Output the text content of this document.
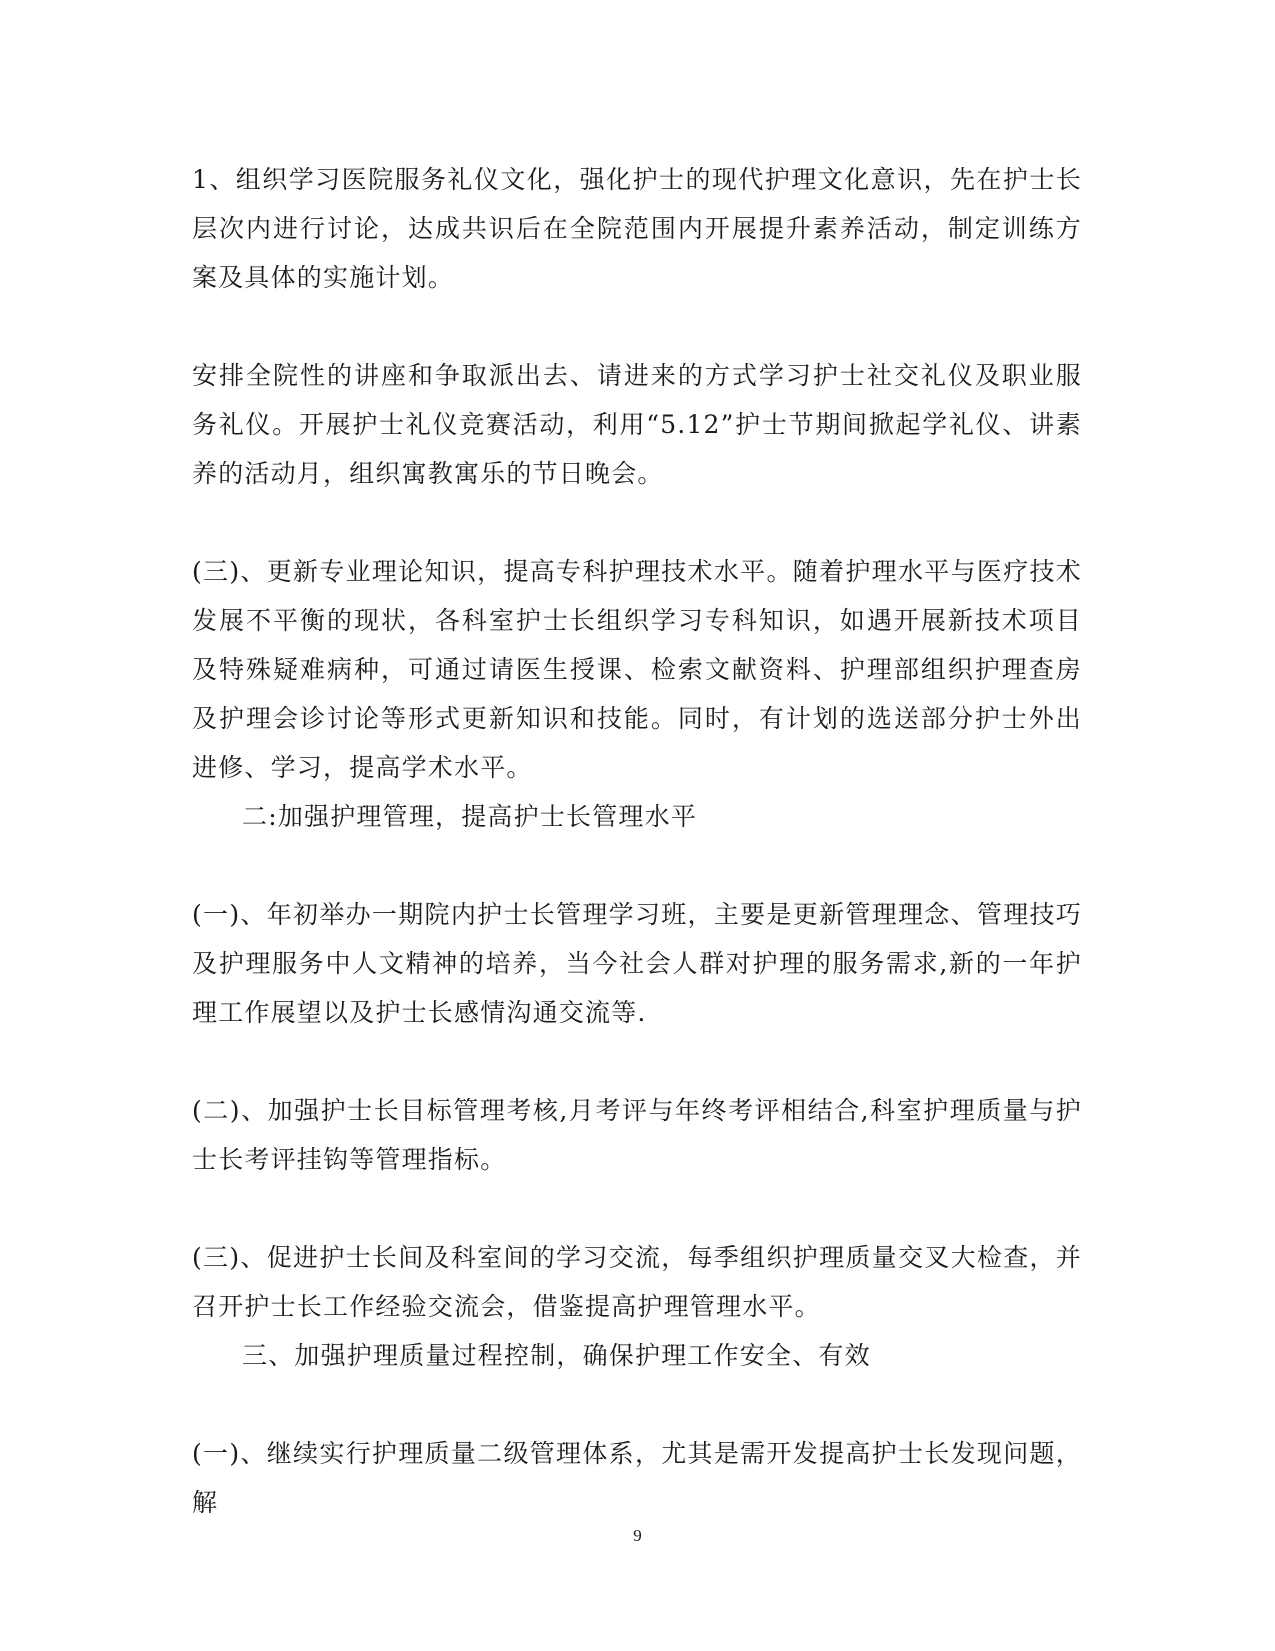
1、组织学习医院服务礼仪文化，强化护士的现代护理文化意识，先在护士长层次内进行讨论，达成共识后在全院范围内开展提升素养活动，制定训练方案及具体的实施计划。

安排全院性的讲座和争取派出去、请进来的方式学习护士社交礼仪及职业服务礼仪。开展护士礼仪竞赛活动，利用“5.12”护士节期间掀起学礼仪、讲素养的活动月，组织寓教寓乐的节日晚会。

(三)、更新专业理论知识，提高专科护理技术水平。随着护理水平与医疗技术发展不平衡的现状，各科室护士长组织学习专科知识，如遇开展新技术项目及特殊疑难病种，可通过请医生授课、检索文献资料、护理部组织护理查房及护理会诊讨论等形式更新知识和技能。同时，有计划的选送部分护士外出进修、学习，提高学术水平。

二:加强护理管理，提高护士长管理水平

(一)、年初举办一期院内护士长管理学习班，主要是更新管理理念、管理技巧及护理服务中人文精神的培养，当今社会人群对护理的服务需求,新的一年护理工作展望以及护士长感情沟通交流等.

(二)、加强护士长目标管理考核,月考评与年终考评相结合,科室护理质量与护士长考评挂钩等管理指标。

(三)、促进护士长间及科室间的学习交流，每季组织护理质量交叉大检查，并召开护士长工作经验交流会，借鉴提高护理管理水平。

三、加强护理质量过程控制，确保护理工作安全、有效

(一)、继续实行护理质量二级管理体系，尤其是需开发提高护士长发现问题，解

9
